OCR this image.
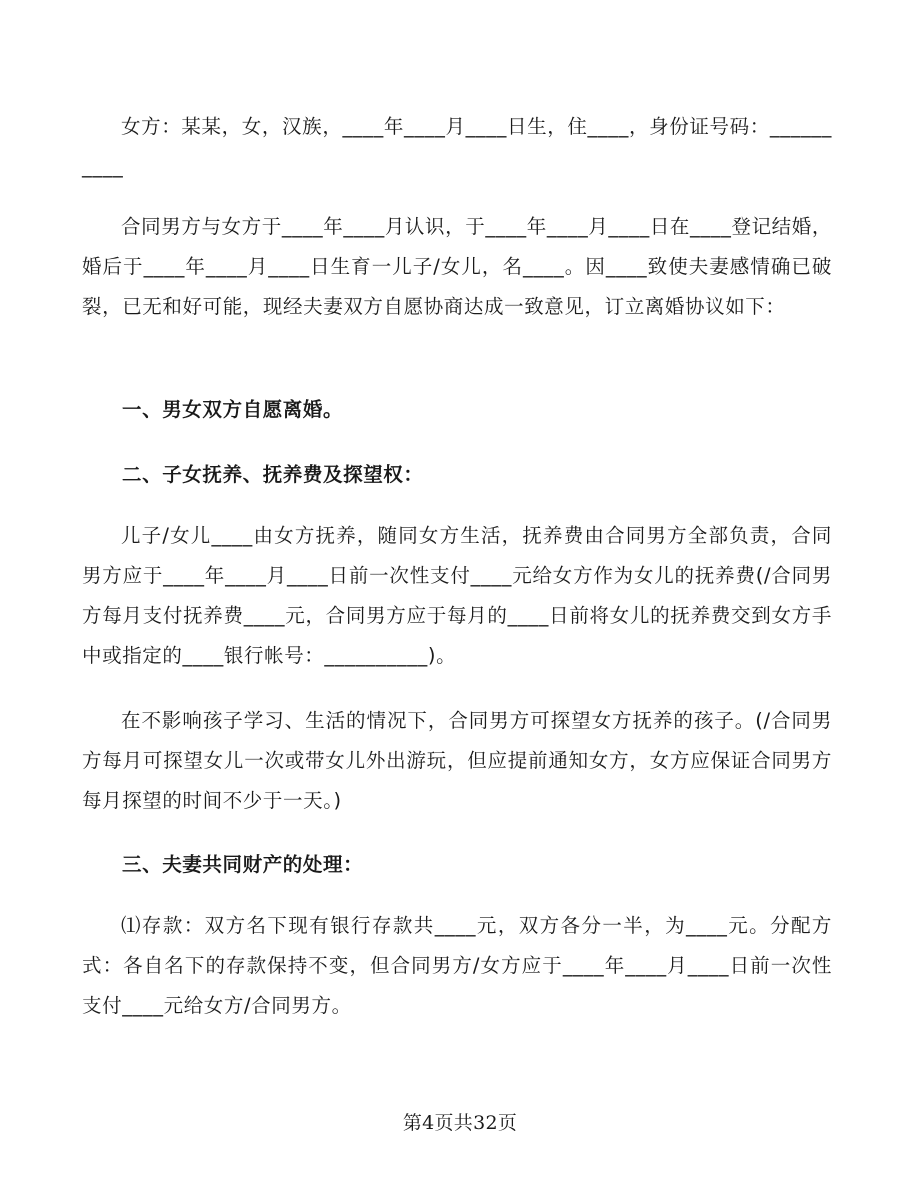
女方：某某，女，汉族，____年____月____日生，住____，身份证号码：__________

合同男方与女方于____年____月认识，于____年____月____日在____登记结婚，婚后于____年____月____日生育一儿子/女儿，名____。因____致使夫妻感情确已破裂，已无和好可能，现经夫妻双方自愿协商达成一致意见，订立离婚协议如下：

一、男女双方自愿离婚。

二、子女抚养、抚养费及探望权：

儿子/女儿____由女方抚养，随同女方生活，抚养费由合同男方全部负责，合同男方应于____年____月____日前一次性支付____元给女方作为女儿的抚养费(/合同男方每月支付抚养费____元，合同男方应于每月的____日前将女儿的抚养费交到女方手中或指定的____银行帐号：__________)。

在不影响孩子学习、生活的情况下，合同男方可探望女方抚养的孩子。(/合同男方每月可探望女儿一次或带女儿外出游玩，但应提前通知女方，女方应保证合同男方每月探望的时间不少于一天。)

三、夫妻共同财产的处理：

⑴存款：双方名下现有银行存款共____元，双方各分一半，为____元。分配方式：各自名下的存款保持不变，但合同男方/女方应于____年____月____日前一次性支付____元给女方/合同男方。

第4页共32页
